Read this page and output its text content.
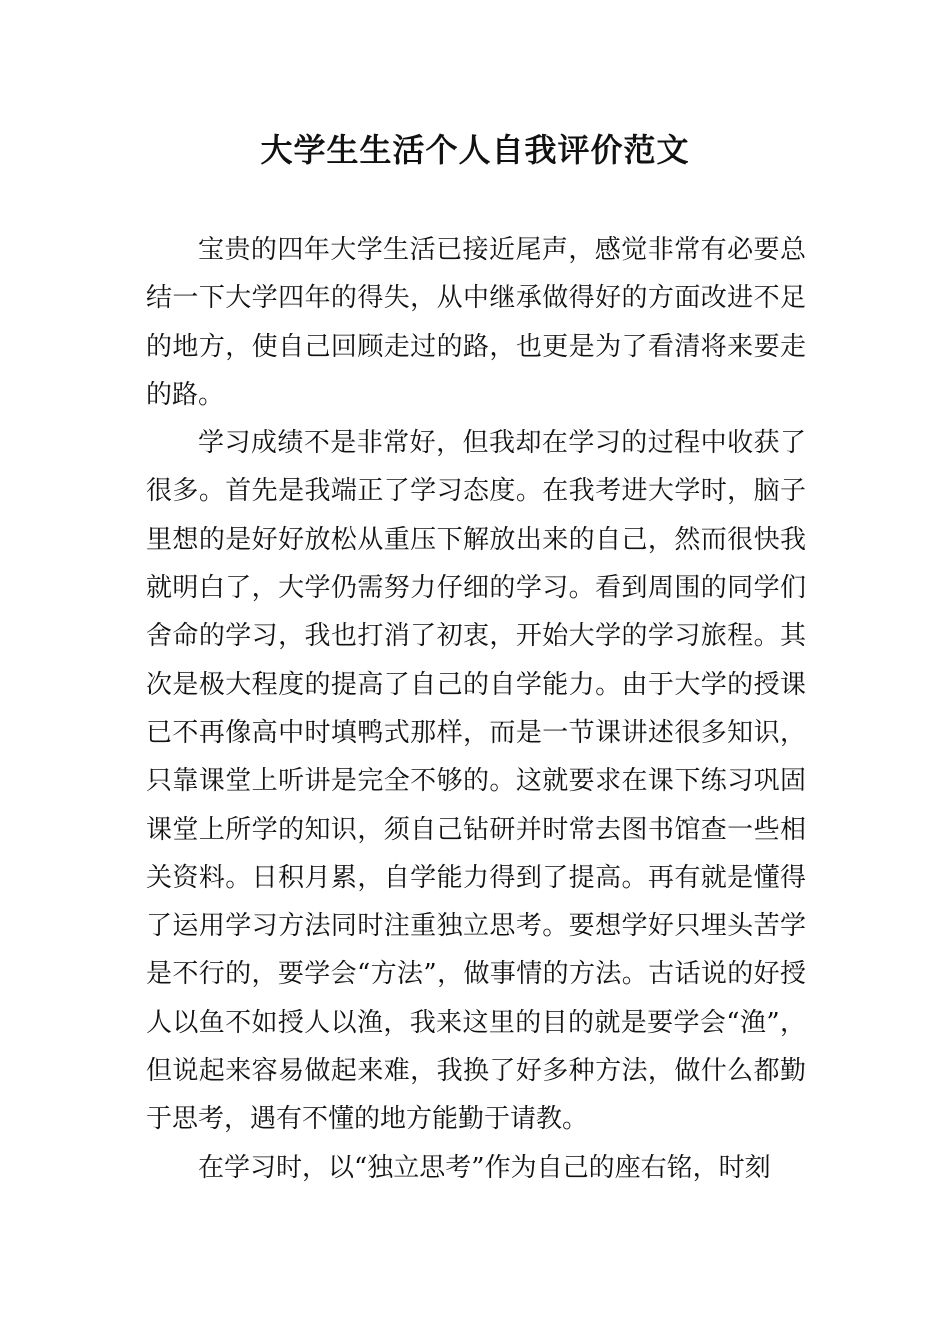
大学生生活个人自我评价范文

宝贵的四年大学生活已接近尾声，感觉非常有必要总结一下大学四年的得失，从中继承做得好的方面改进不足的地方，使自己回顾走过的路，也更是为了看清将来要走的路。

学习成绩不是非常好，但我却在学习的过程中收获了很多。首先是我端正了学习态度。在我考进大学时，脑子里想的是好好放松从重压下解放出来的自己，然而很快我就明白了，大学仍需努力仔细的学习。看到周围的同学们舍命的学习，我也打消了初衷，开始大学的学习旅程。其次是极大程度的提高了自己的自学能力。由于大学的授课已不再像高中时填鸭式那样，而是一节课讲述很多知识，只靠课堂上听讲是完全不够的。这就要求在课下练习巩固课堂上所学的知识，须自己钻研并时常去图书馆查一些相关资料。日积月累，自学能力得到了提高。再有就是懂得了运用学习方法同时注重独立思考。要想学好只埋头苦学是不行的，要学会“方法”，做事情的方法。古话说的好授人以鱼不如授人以渔，我来这里的目的就是要学会“渔”，但说起来容易做起来难，我换了好多种方法，做什么都勤于思考，遇有不懂的地方能勤于请教。

在学习时，以“独立思考”作为自己的座右铭，时刻
